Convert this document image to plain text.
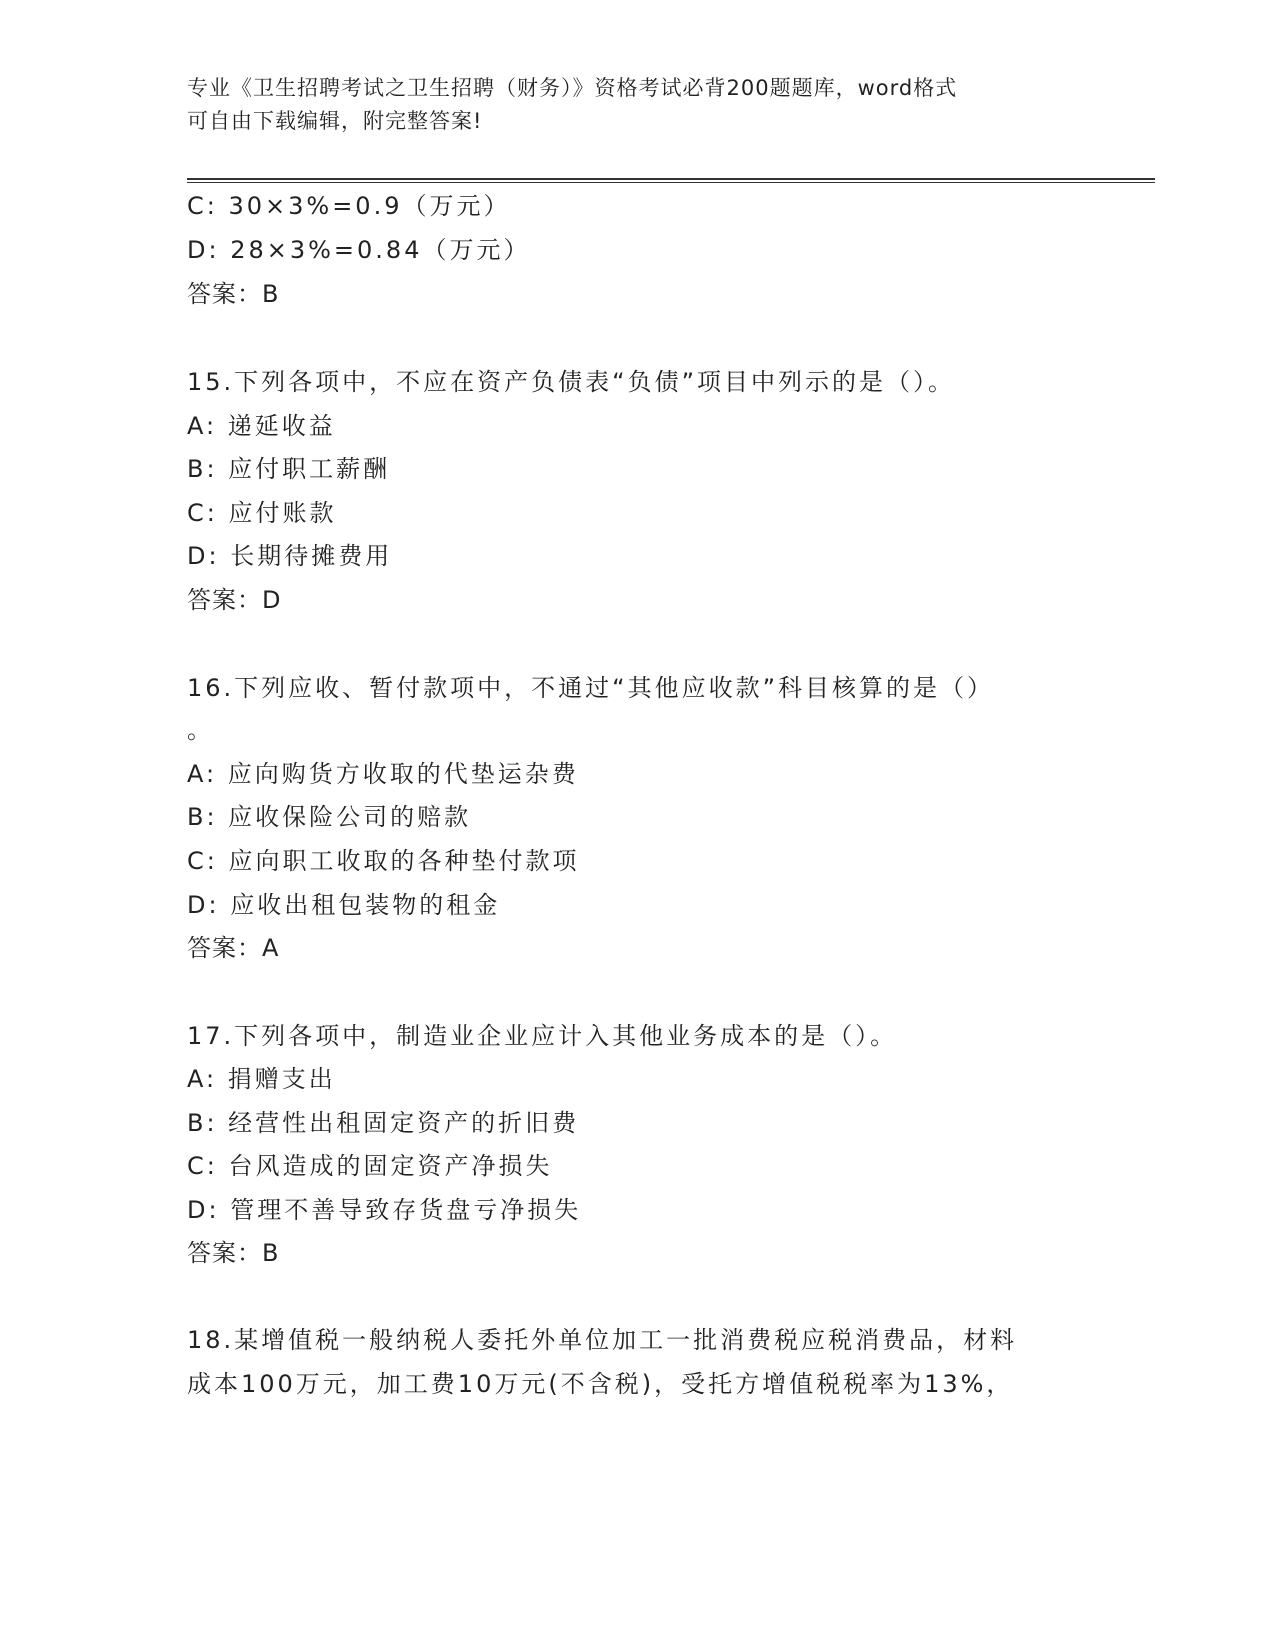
专业《卫生招聘考试之卫生招聘（财务）》资格考试必背200题题库，word格式
可自由下载编辑，附完整答案!
C: 30×3%=0.9（万元）
D: 28×3%=0.84（万元）
答案：B
15.下列各项中，不应在资产负债表“负债”项目中列示的是（）。
A: 递延收益
B: 应付职工薪酬
C: 应付账款
D: 长期待摊费用
答案：D
16.下列应收、暂付款项中，不通过“其他应收款”科目核算的是（）
。
A: 应向购货方收取的代垫运杂费
B: 应收保险公司的赔款
C: 应向职工收取的各种垫付款项
D: 应收出租包装物的租金
答案：A
17.下列各项中，制造业企业应计入其他业务成本的是（）。
A: 捐赠支出
B: 经营性出租固定资产的折旧费
C: 台风造成的固定资产净损失
D: 管理不善导致存货盘亏净损失
答案：B
18.某增值税一般纳税人委托外单位加工一批消费税应税消费品，材料
成本100万元，加工费10万元(不含税)，受托方增值税税率为13%，
